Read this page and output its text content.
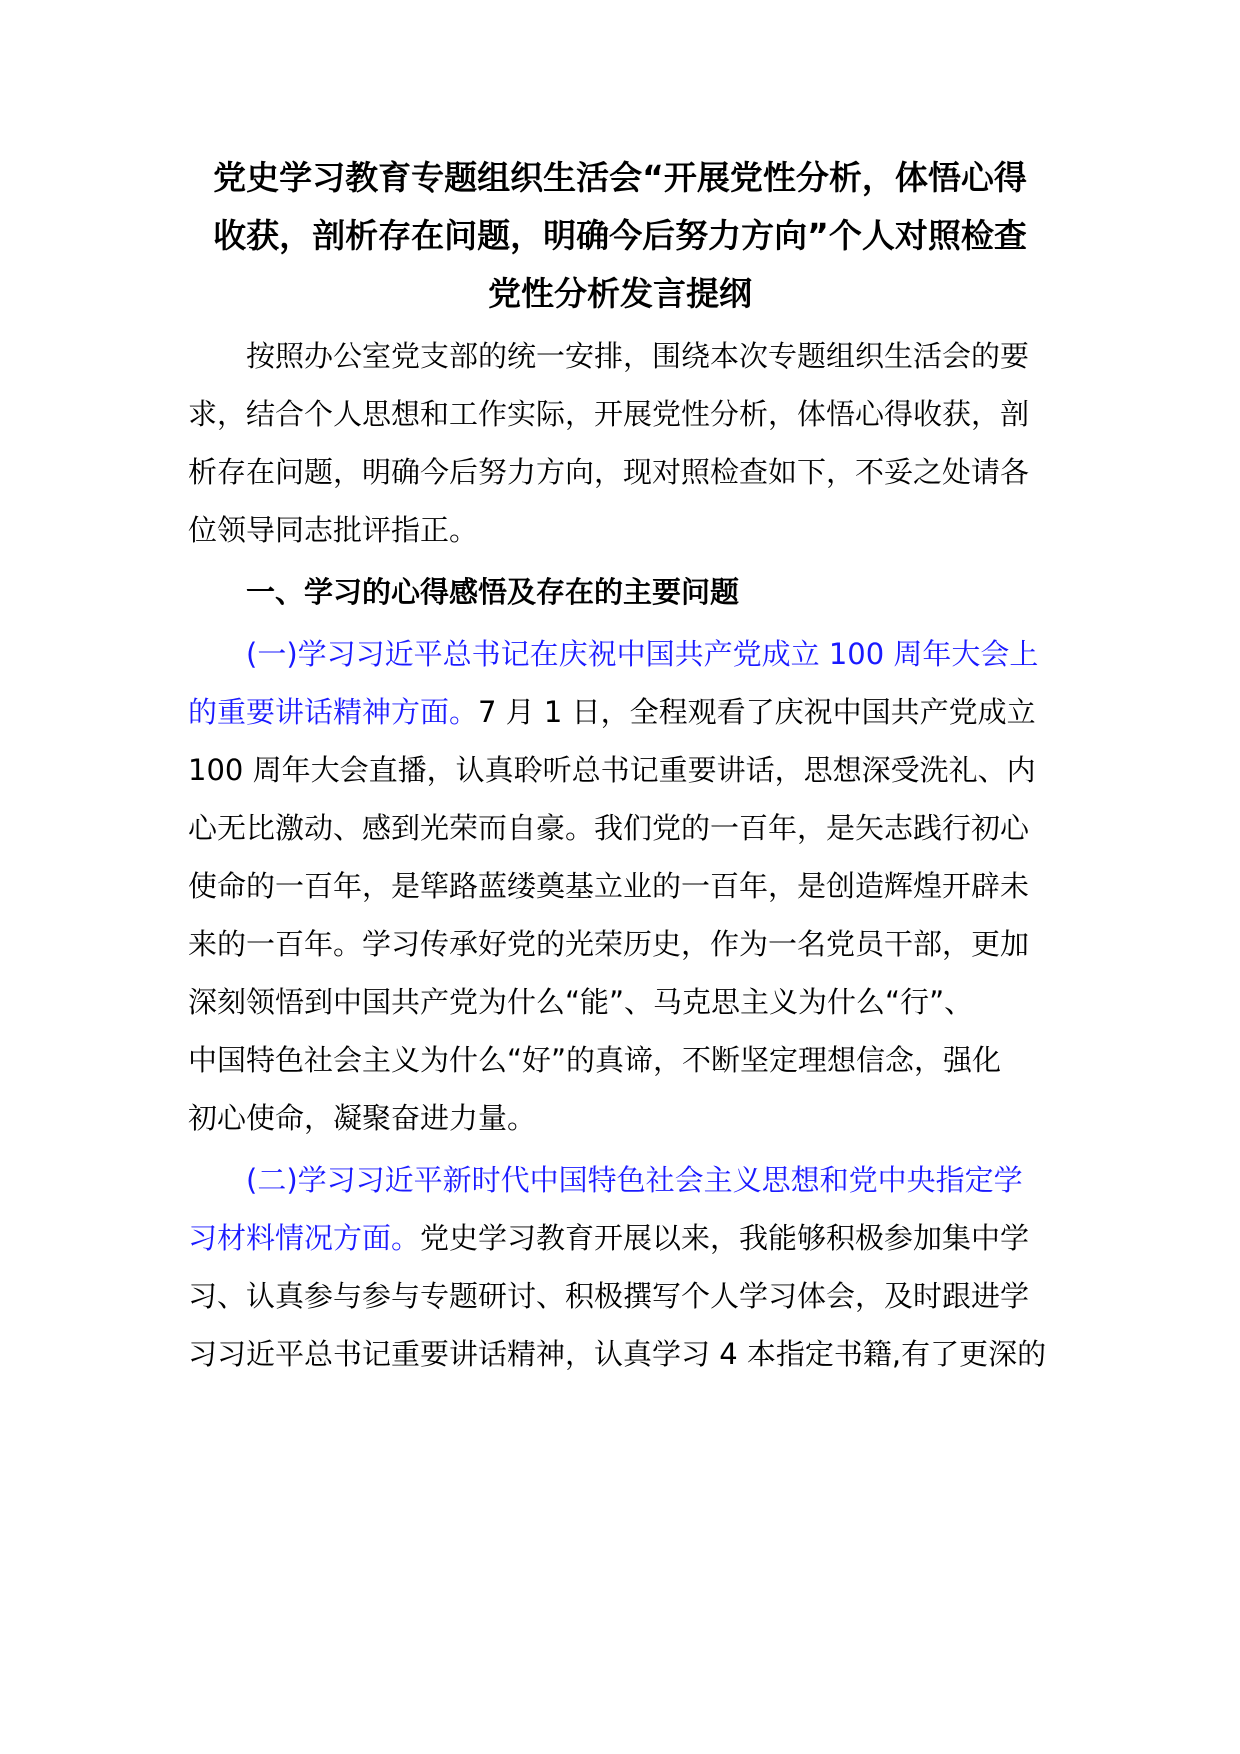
党史学习教育专题组织生活会“开展党性分析，体悟心得
收获，剖析存在问题，明确今后努力方向”个人对照检查
党性分析发言提纲
按照办公室党支部的统一安排，围绕本次专题组织生活会的要
求，结合个人思想和工作实际，开展党性分析，体悟心得收获，剖
析存在问题，明确今后努力方向，现对照检查如下，不妥之处请各
位领导同志批评指正。
一、学习的心得感悟及存在的主要问题
(一)学习习近平总书记在庆祝中国共产党成立 100 周年大会上
的重要讲话精神方面。7 月 1 日，全程观看了庆祝中国共产党成立
100 周年大会直播，认真聆听总书记重要讲话，思想深受洗礼、内
心无比激动、感到光荣而自豪。我们党的一百年，是矢志践行初心
使命的一百年，是筚路蓝缕奠基立业的一百年，是创造辉煌开辟未
来的一百年。学习传承好党的光荣历史，作为一名党员干部，更加
深刻领悟到中国共产党为什么“能”、马克思主义为什么“行”、
中国特色社会主义为什么“好”的真谛，不断坚定理想信念，强化
初心使命，凝聚奋进力量。
(二)学习习近平新时代中国特色社会主义思想和党中央指定学
习材料情况方面。党史学习教育开展以来，我能够积极参加集中学
习、认真参与参与专题研讨、积极撰写个人学习体会，及时跟进学
习习近平总书记重要讲话精神，认真学习 4 本指定书籍,有了更深的
